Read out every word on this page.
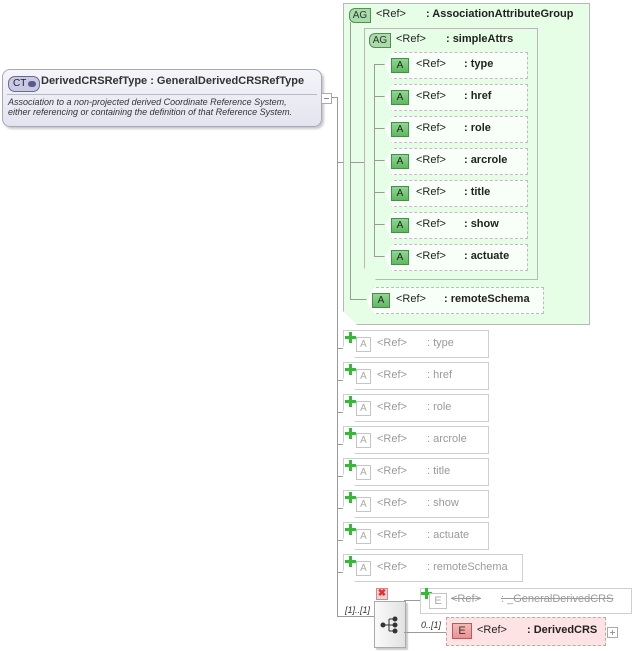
CT DerivedCRSRefType : GeneralDerivedCRSRefType
Association to a non-projected derived Coordinate Reference System,
either referencing or containing the definition of that Reference System.
AG <Ref> : AssociationAttributeGroup
AG <Ref> : simpleAttrs
A	<Ref> : type
A	<Ref> : href
A	<Ref> : role
A	<Ref> : arcrole
A	<Ref> : title
A	<Ref> : show
A	<Ref> : actuate
A	<Ref> : remoteSchema
A <Ref> : type
A <Ref> : href
A <Ref> : role
A <Ref> : arcrole
A <Ref> : title
A <Ref> : show
A <Ref> : actuate
A <Ref> : remoteSchema
[1]..[1]
✖
E <Ref> : _GeneralDerivedCRS
0..[1]	E	<Ref> : DerivedCRS
